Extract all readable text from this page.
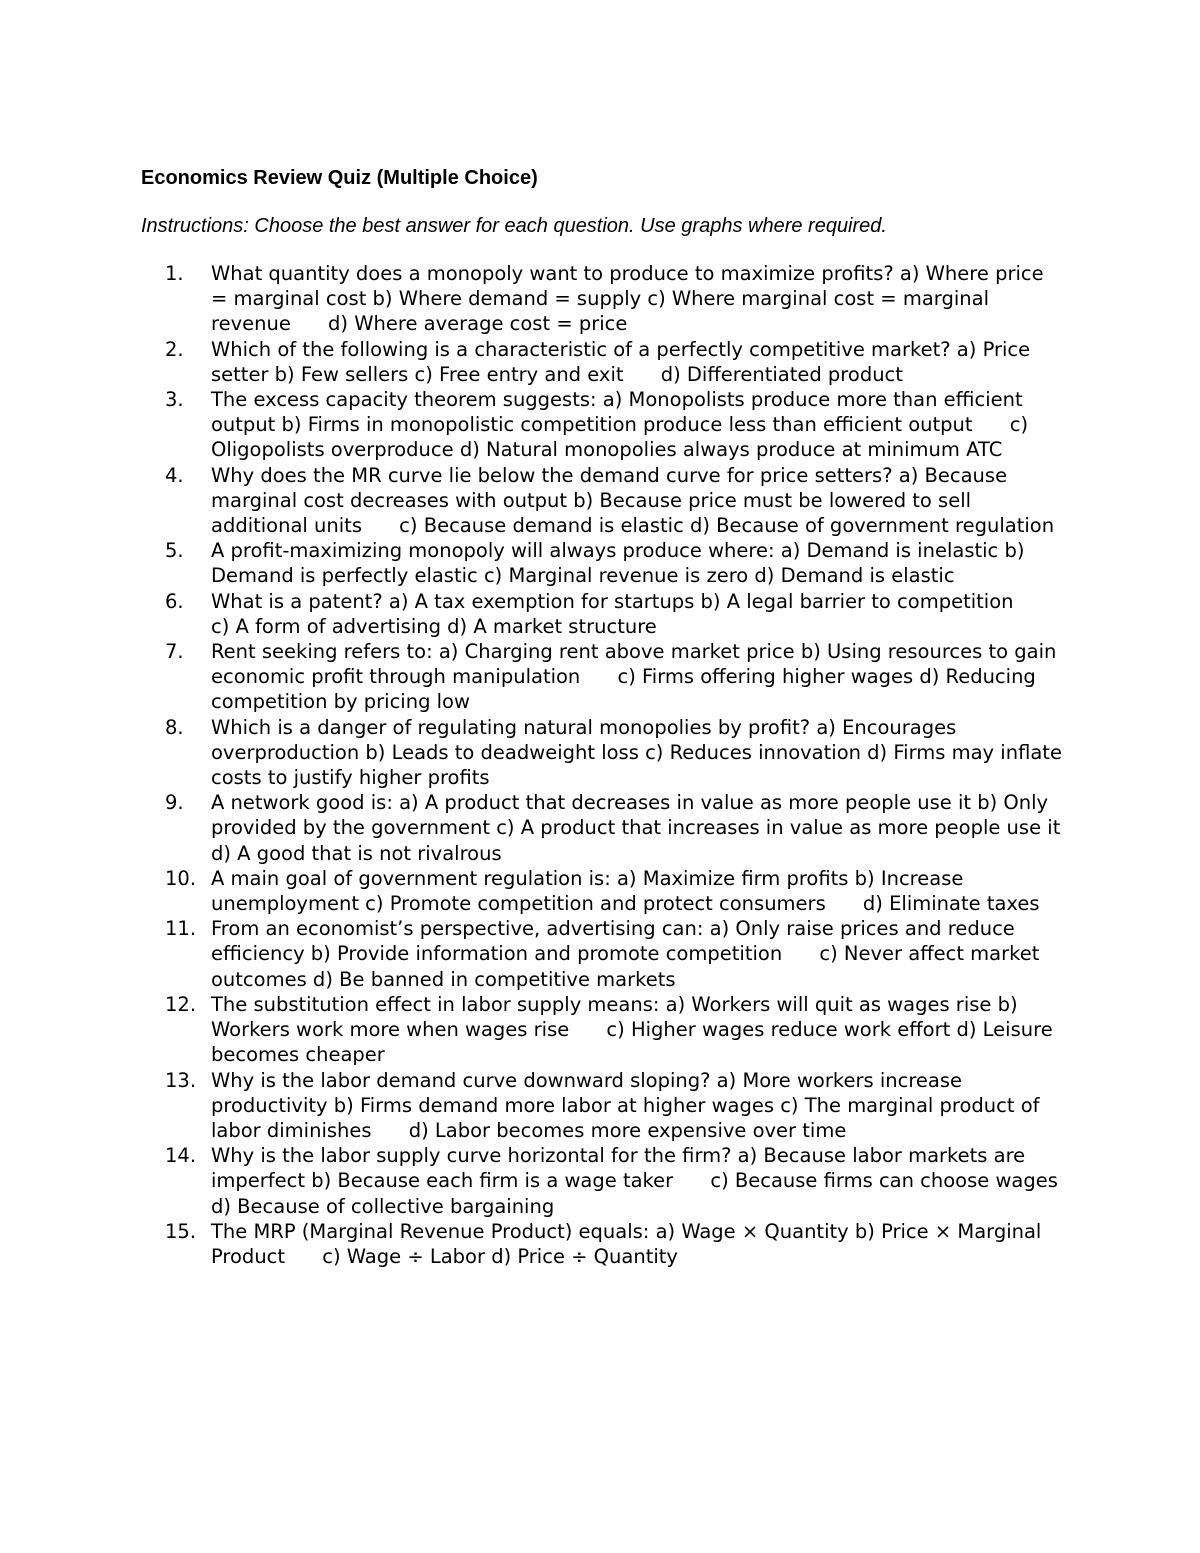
Economics Review Quiz (Multiple Choice)

Instructions: Choose the best answer for each question. Use graphs where required.

1.	What quantity does a monopoly want to produce to maximize profits? a) Where price = marginal cost b) Where demand = supply c) Where marginal cost = marginal revenue      d) Where average cost = price
2.	Which of the following is a characteristic of a perfectly competitive market? a) Price setter b) Few sellers c) Free entry and exit      d) Differentiated product
3.	The excess capacity theorem suggests: a) Monopolists produce more than efficient output b) Firms in monopolistic competition produce less than efficient output      c) Oligopolists overproduce d) Natural monopolies always produce at minimum ATC
4.	Why does the MR curve lie below the demand curve for price setters? a) Because marginal cost decreases with output b) Because price must be lowered to sell additional units      c) Because demand is elastic d) Because of government regulation
5.	A profit-maximizing monopoly will always produce where: a) Demand is inelastic b) Demand is perfectly elastic c) Marginal revenue is zero d) Demand is elastic
6.	What is a patent? a) A tax exemption for startups b) A legal barrier to competition      c) A form of advertising d) A market structure
7.	Rent seeking refers to: a) Charging rent above market price b) Using resources to gain economic profit through manipulation      c) Firms offering higher wages d) Reducing competition by pricing low
8.	Which is a danger of regulating natural monopolies by profit? a) Encourages overproduction b) Leads to deadweight loss c) Reduces innovation d) Firms may inflate costs to justify higher profits
9.	A network good is: a) A product that decreases in value as more people use it b) Only provided by the government c) A product that increases in value as more people use it      d) A good that is not rivalrous
10. A main goal of government regulation is: a) Maximize firm profits b) Increase unemployment c) Promote competition and protect consumers      d) Eliminate taxes
11. From an economist’s perspective, advertising can: a) Only raise prices and reduce efficiency b) Provide information and promote competition      c) Never affect market outcomes d) Be banned in competitive markets
12. The substitution effect in labor supply means: a) Workers will quit as wages rise b) Workers work more when wages rise      c) Higher wages reduce work effort d) Leisure becomes cheaper
13. Why is the labor demand curve downward sloping? a) More workers increase productivity b) Firms demand more labor at higher wages c) The marginal product of labor diminishes      d) Labor becomes more expensive over time
14. Why is the labor supply curve horizontal for the firm? a) Because labor markets are imperfect b) Because each firm is a wage taker      c) Because firms can choose wages d) Because of collective bargaining
15. The MRP (Marginal Revenue Product) equals: a) Wage × Quantity b) Price × Marginal Product      c) Wage ÷ Labor d) Price ÷ Quantity
